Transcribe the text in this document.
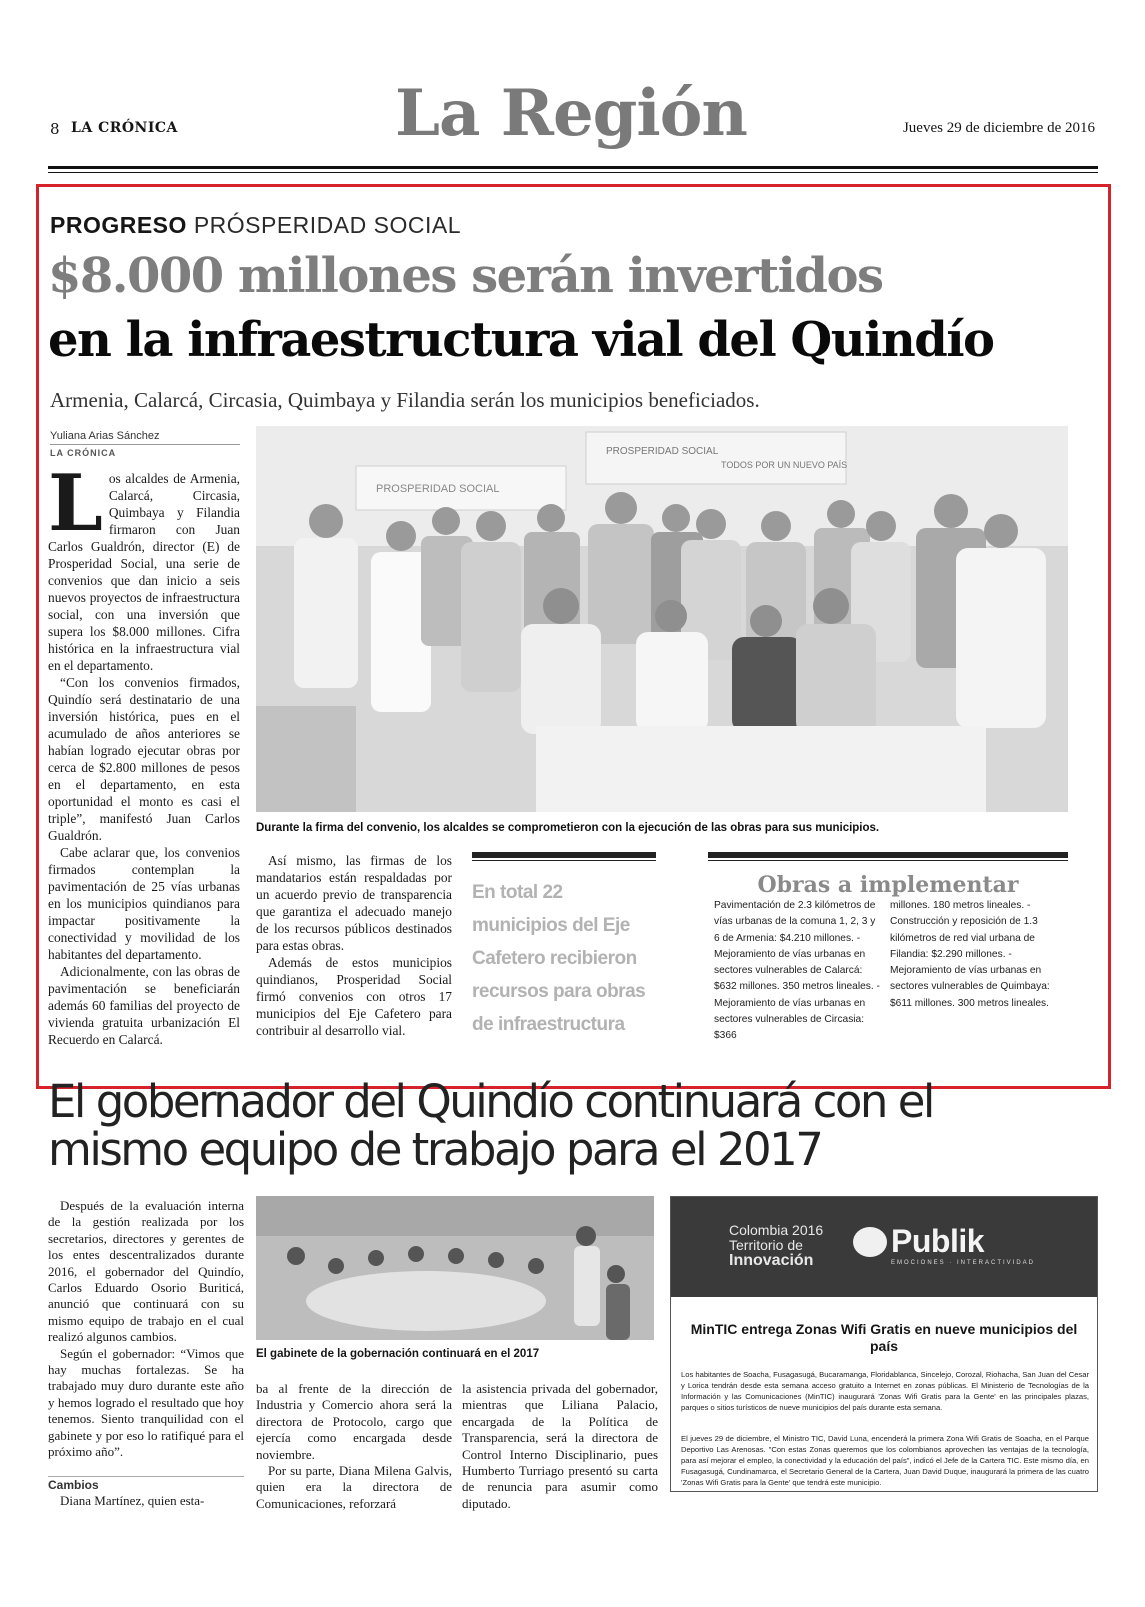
8 LA CRÓNICA	La Región	Jueves 29 de diciembre de 2016
PROGRESO PRÓSPERIDAD SOCIAL
$8.000 millones serán invertidos
en la infraestructura vial del Quindío
Armenia, Calarcá, Circasia, Quimbaya y Filandia serán los municipios beneficiados.
Yuliana Arias Sánchez
LA CRÓNICA

Los alcaldes de Armenia, Calarcá, Circasia, Quimbaya y Filandia firmaron con Juan Carlos Gualdrón, director (E) de Prosperidad Social, una serie de convenios que dan inicio a seis nuevos proyectos de infraestructura social, con una inversión que supera los $8.000 millones. Cifra histórica en la infraestructura vial en el departamento.

“Con los convenios firmados, Quindío será destinatario de una inversión histórica, pues en el acumulado de años anteriores se habían logrado ejecutar obras por cerca de $2.800 millones de pesos en el departamento, en esta oportunidad el monto es casi el triple”, manifestó Juan Carlos Gualdrón.

Cabe aclarar que, los convenios firmados contemplan la pavimentación de 25 vías urbanas en los municipios quindianos para impactar positivamente la conectividad y movilidad de los habitantes del departamento.

Adicionalmente, con las obras de pavimentación se beneficiarán además 60 familias del proyecto de vivienda gratuita urbanización El Recuerdo en Calarcá.

PROSPERIDAD SOCIAL
PROSPERIDAD SOCIAL
TODOS POR UN NUEVO PAÍS
Durante la firma del convenio, los alcaldes se comprometieron con la ejecución de las obras para sus municipios.

Así mismo, las firmas de los mandatarios están respaldadas por un acuerdo previo de transparencia que garantiza el adecuado manejo de los recursos públicos destinados para estas obras.

Además de estos municipios quindianos, Prosperidad Social firmó convenios con otros 17 municipios del Eje Cafetero para contribuir al desarrollo vial.

En total 22 municipios del Eje Cafetero recibieron recursos para obras de infraestructura
Obras a implementar
Pavimentación de 2.3 kilómetros de vías urbanas de la comuna 1, 2, 3 y 6 de Armenia: $4.210 millones. - Mejoramiento de vías urbanas en sectores vulnerables de Calarcá: $632 millones. 350 metros lineales. - Mejoramiento de vías urbanas en sectores vulnerables de Circasia: $366
millones. 180 metros lineales. - Construcción y reposición de 1.3 kilómetros de red vial urbana de Filandia: $2.290 millones. - Mejoramiento de vías urbanas en sectores vulnerables de Quimbaya: $611 millones. 300 metros lineales.
El gobernador del Quindío continuará con el mismo equipo de trabajo para el 2017

Después de la evaluación interna de la gestión realizada por los secretarios, directores y gerentes de los entes descentralizados durante 2016, el gobernador del Quindío, Carlos Eduardo Osorio Buriticá, anunció que continuará con su mismo equipo de trabajo en el cual realizó algunos cambios.

Según el gobernador: “Vimos que hay muchas fortalezas. Se ha trabajado muy duro durante este año y hemos logrado el resultado que hoy tenemos. Siento tranquilidad con el gabinete y por eso lo ratifiqué para el próximo año”.

Cambios

Diana Martínez, quien esta-

El gabinete de la gobernación continuará en el 2017

ba al frente de la dirección de Industria y Comercio ahora será la directora de Protocolo, cargo que ejercía como encargada desde noviembre.

Por su parte, Diana Milena Galvis, quien era la directora de Comunicaciones, reforzará

la asistencia privada del gobernador, mientras que Liliana Palacio, encargada de la Política de Transparencia, será la directora de Control Interno Disciplinario, pues Humberto Turriago presentó su carta de renuncia para asumir como diputado.

Colombia 2016
Territorio de
Innovación
Publik
EMOCIONES · INTERACTIVIDAD
MinTIC entrega Zonas Wifi Gratis en nueve municipios del país
Los habitantes de Soacha, Fusagasugá, Bucaramanga, Floridablanca, Sincelejo, Corozal, Riohacha, San Juan del Cesar y Lorica tendrán desde esta semana acceso gratuito a Internet en zonas públicas. El Ministerio de Tecnologías de la Información y las Comunicaciones (MinTIC) inaugurará 'Zonas Wifi Gratis para la Gente' en las principales plazas, parques o sitios turísticos de nueve municipios del país durante esta semana.
El jueves 29 de diciembre, el Ministro TIC, David Luna, encenderá la primera Zona Wifi Gratis de Soacha, en el Parque Deportivo Las Arenosas. "Con estas Zonas queremos que los colombianos aprovechen las ventajas de la tecnología, para así mejorar el empleo, la conectividad y la educación del país", indicó el Jefe de la Cartera TIC. Este mismo día, en Fusagasugá, Cundinamarca, el Secretario General de la Cartera, Juan David Duque, inaugurará la primera de las cuatro 'Zonas Wifi Gratis para la Gente' que tendrá este municipio.
